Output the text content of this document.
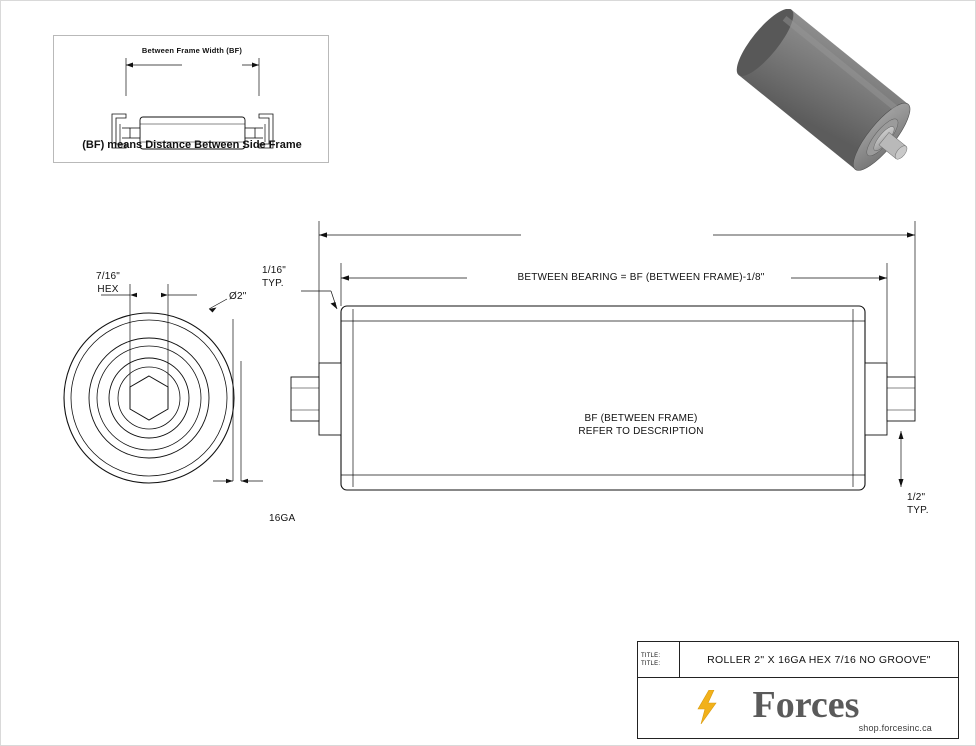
Between Frame Width (BF)
(BF) means Distance Between Side Frame
BF (BETWEEN FRAME)
REFER TO DESCRIPTION
BETWEEN BEARING = BF (BETWEEN FRAME)-1/8"
1/16"
TYP.
1/2"
TYP.
7/16"
HEX
Ø2"
16GA
TITLE:
TITLE:	ROLLER 2" X 16GA HEX 7/16 NO GROOVE"
Forces
shop.forcesinc.ca
